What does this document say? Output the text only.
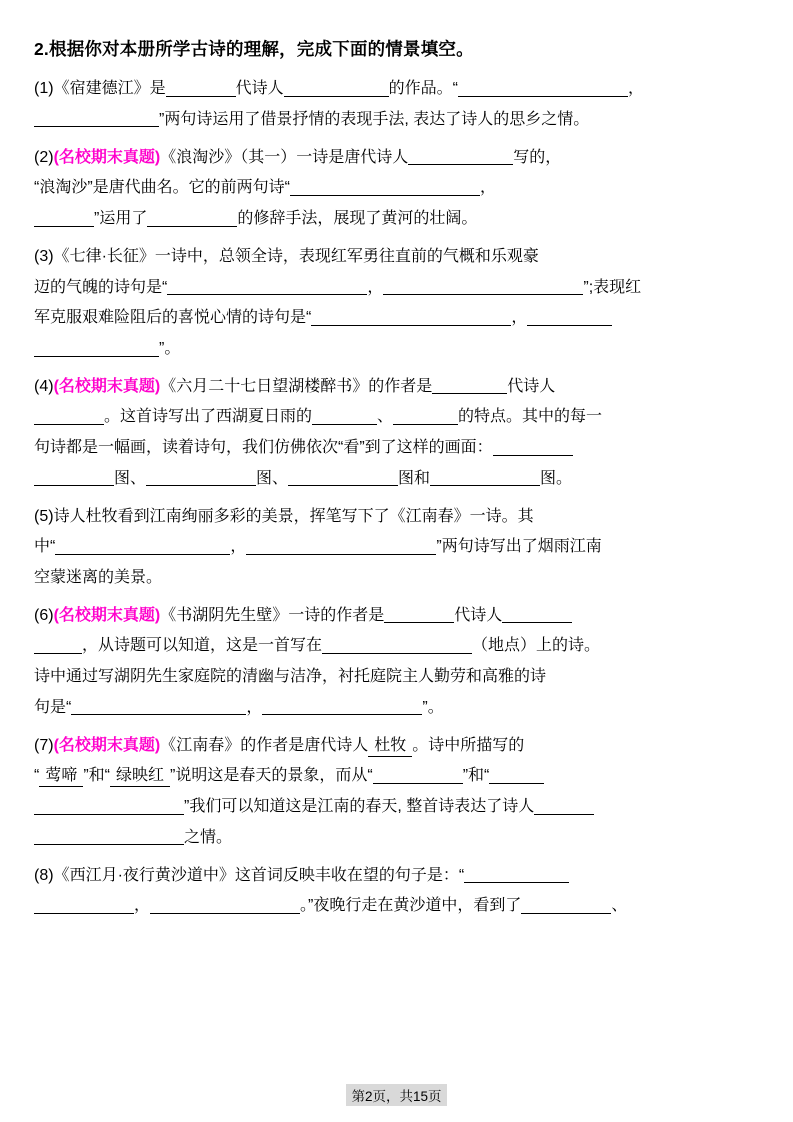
2.根据你对本册所学古诗的理解，完成下面的情景填空。

(1)《宿建德江》是	代诗人	的作品。“	，
”两句诗运用了借景抒情的表现手法, 表达了诗人的思乡之情。

(2)(名校期末真题)《浪淘沙》（其一）一诗是唐代诗人	写的，
“浪淘沙”是唐代曲名。它的前两句诗“	，
”运用了	的修辞手法，展现了黄河的壮阔。

(3)《七律·长征》一诗中，总领全诗，表现红军勇往直前的气概和乐观豪
迈的气魄的诗句是“	，	”;表现红
军克服艰难险阻后的喜悦心情的诗句是“	，
”。

(4)(名校期末真题)《六月二十七日望湖楼醉书》的作者是	代诗人
。这首诗写出了西湖夏日雨的	、	的特点。其中的每一
句诗都是一幅画，读着诗句，我们仿佛依次“看”到了这样的画面：
图、	图、	图和	图。

(5)诗人杜牧看到江南绚丽多彩的美景，挥笔写下了《江南春》一诗。其
中“	，	”两句诗写出了烟雨江南
空蒙迷离的美景。

(6)(名校期末真题)《书湖阴先生壁》一诗的作者是	代诗人
，从诗题可以知道，这是一首写在	（地点）上的诗。
诗中通过写湖阴先生家庭院的清幽与洁净，衬托庭院主人勤劳和高雅的诗
句是“	，	”。

(7)(名校期末真题)《江南春》的作者是唐代诗人 杜牧 。诗中所描写的
“ 莺啼 ”和“ 绿映红 ”说明这是春天的景象，而从“	”和“
”我们可以知道这是江南的春天, 整首诗表达了诗人
之情。

(8)《西江月·夜行黄沙道中》这首词反映丰收在望的句子是：“
，	。”夜晚行走在黄沙道中，看到了	、

第2页，共15页
